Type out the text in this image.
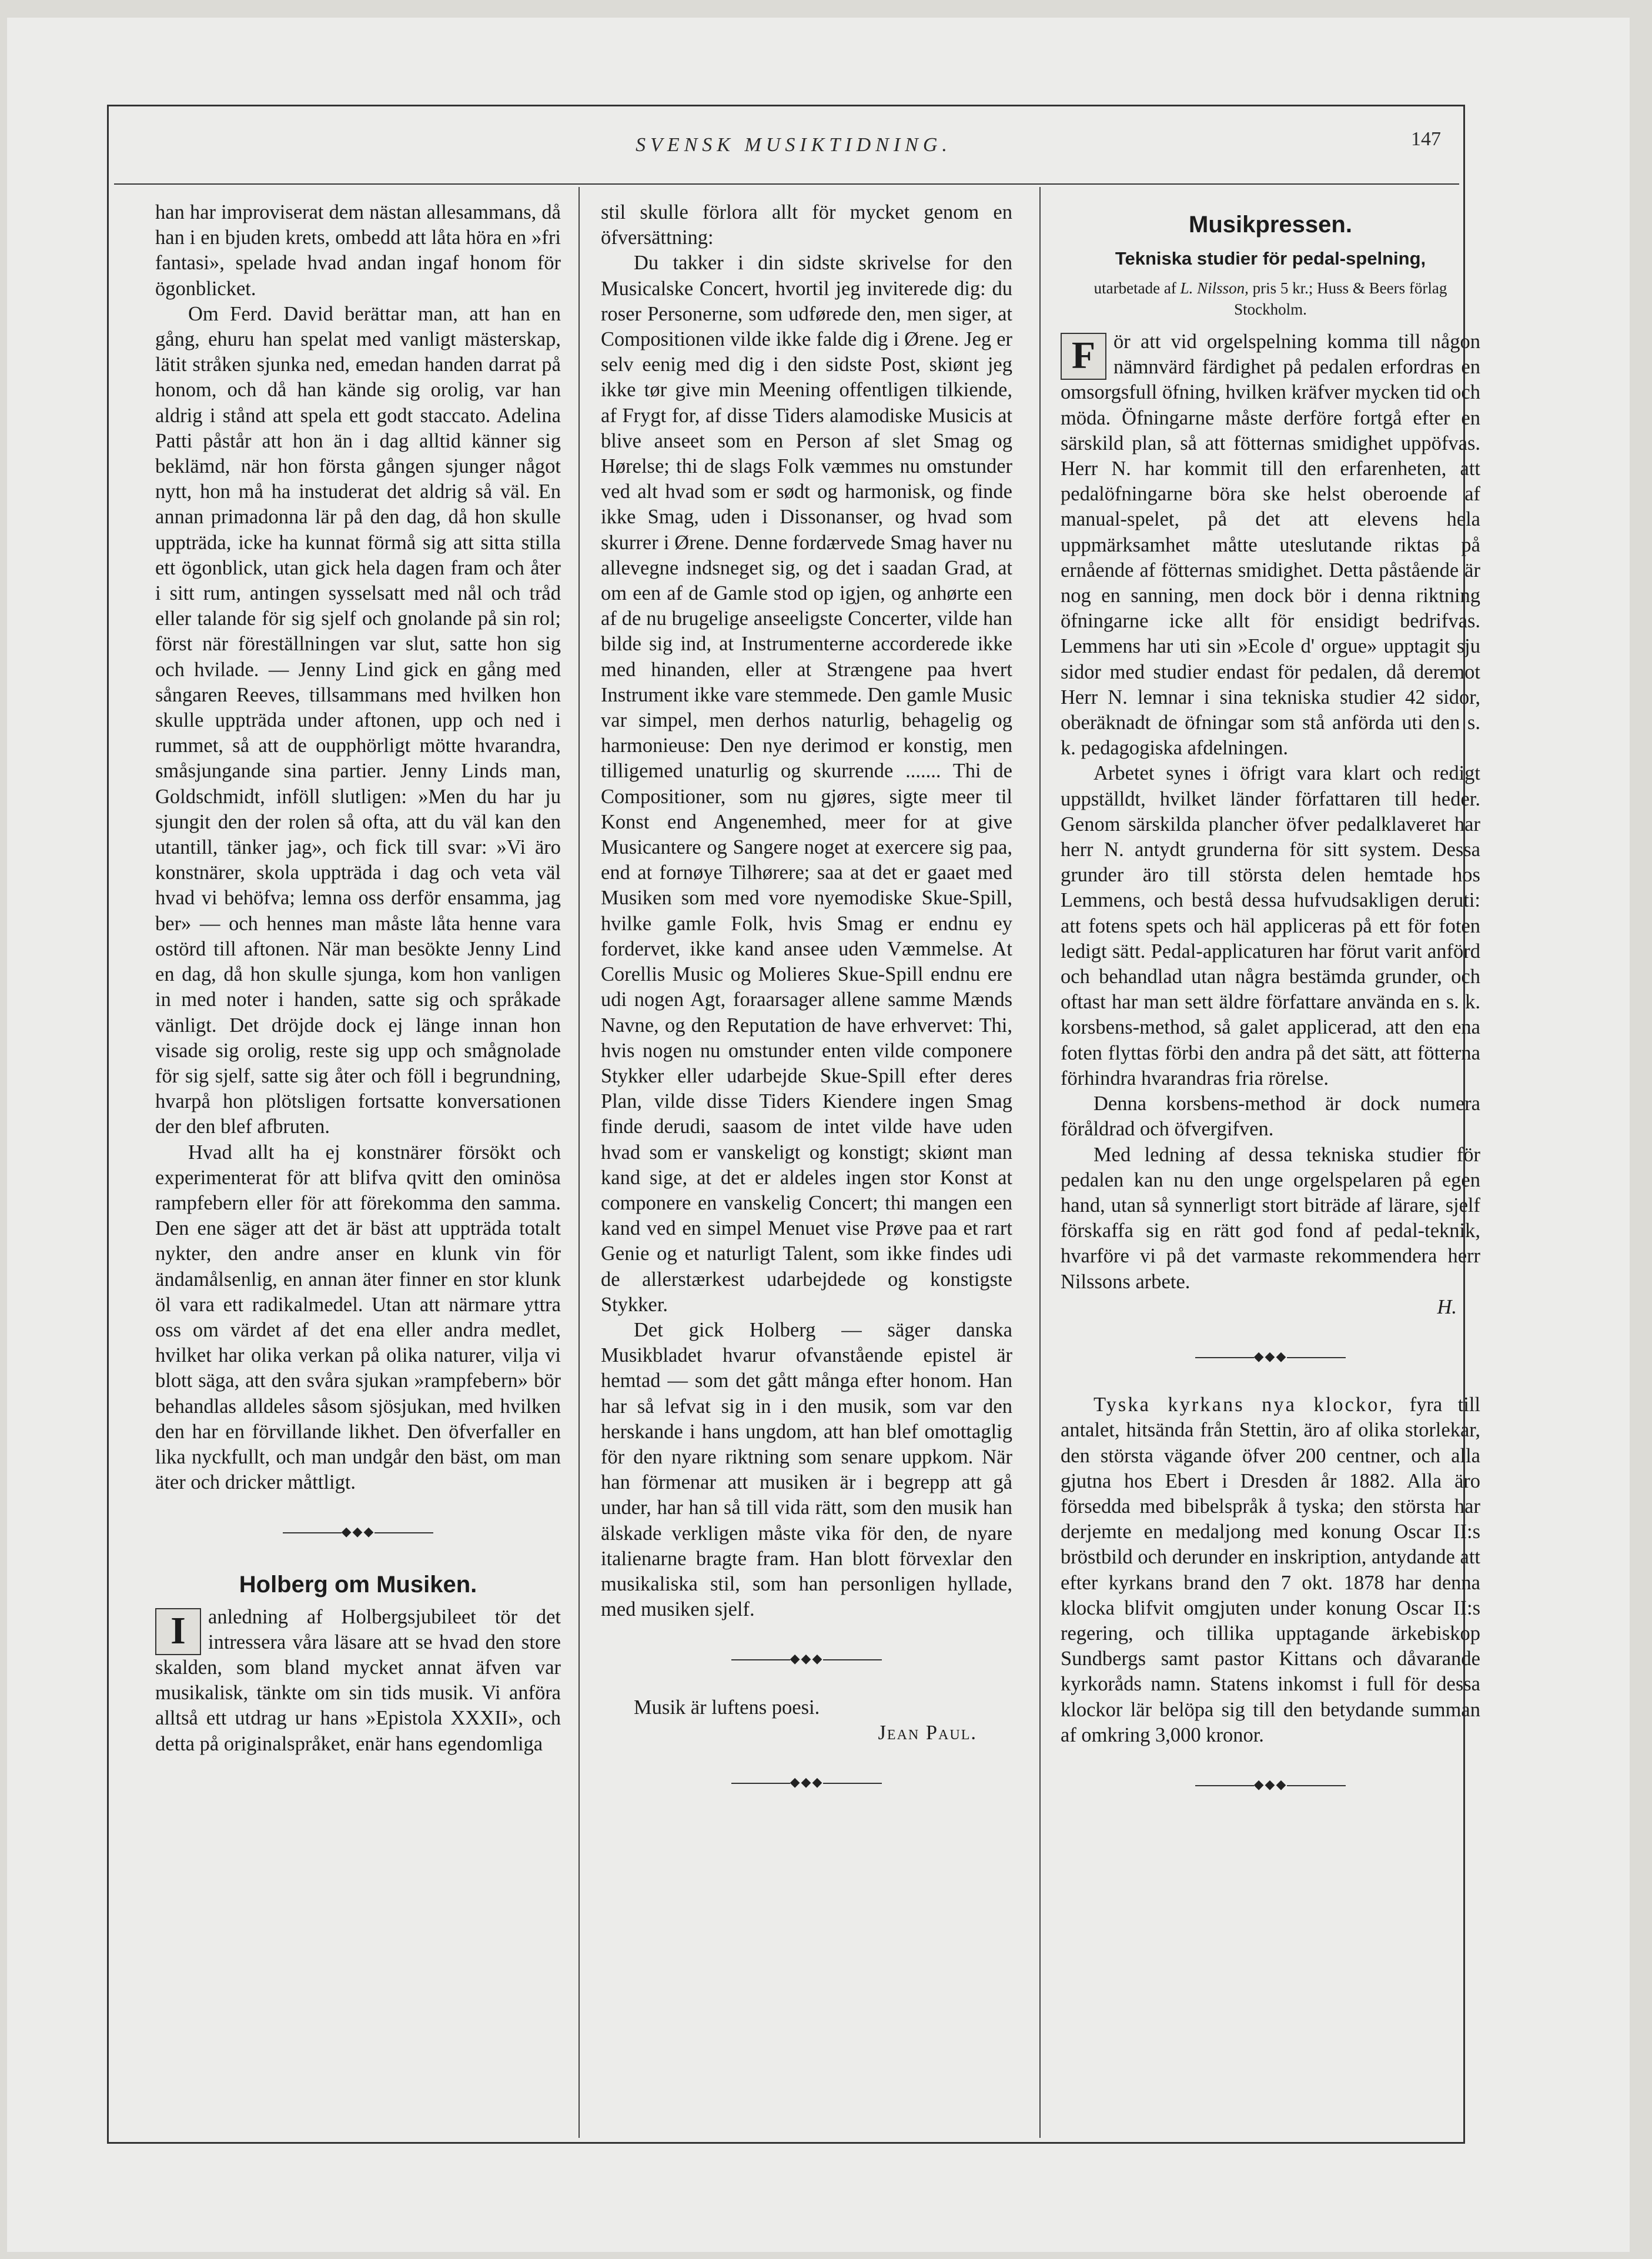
SVENSK MUSIKTIDNING.	147

han har improviserat dem nästan allesammans, då han i en bjuden krets, ombedd att låta höra en »fri fantasi», spelade hvad andan ingaf honom för ögonblicket.

Om Ferd. David berättar man, att han en gång, ehuru han spelat med vanligt mästerskap, lätit stråken sjunka ned, emedan handen darrat på honom, och då han kände sig orolig, var han aldrig i stånd att spela ett godt staccato. Adelina Patti påstår att hon än i dag alltid känner sig beklämd, när hon första gången sjunger något nytt, hon må ha instuderat det aldrig så väl. En annan primadonna lär på den dag, då hon skulle uppträda, icke ha kunnat förmå sig att sitta stilla ett ögonblick, utan gick hela dagen fram och åter i sitt rum, antingen sysselsatt med nål och tråd eller talande för sig sjelf och gnolande på sin rol; först när föreställningen var slut, satte hon sig och hvilade. — Jenny Lind gick en gång med sångaren Reeves, tillsammans med hvilken hon skulle uppträda under aftonen, upp och ned i rummet, så att de oupphörligt mötte hvarandra, småsjungande sina partier. Jenny Linds man, Goldschmidt, inföll slutligen: »Men du har ju sjungit den der rolen så ofta, att du väl kan den utantill, tänker jag», och fick till svar: »Vi äro konstnärer, skola uppträda i dag och veta väl hvad vi behöfva; lemna oss derför ensamma, jag ber» — och hennes man måste låta henne vara ostörd till aftonen. När man besökte Jenny Lind en dag, då hon skulle sjunga, kom hon vanligen in med noter i handen, satte sig och språkade vänligt. Det dröjde dock ej länge innan hon visade sig orolig, reste sig upp och smågnolade för sig sjelf, satte sig åter och föll i begrundning, hvarpå hon plötsligen fortsatte konversationen der den blef afbruten.

Hvad allt ha ej konstnärer försökt och experimenterat för att blifva qvitt den ominösa rampfebern eller för att förekomma den samma. Den ene säger att det är bäst att uppträda totalt nykter, den andre anser en klunk vin för ändamålsenlig, en annan äter finner en stor klunk öl vara ett radikalmedel. Utan att närmare yttra oss om värdet af det ena eller andra medlet, hvilket har olika verkan på olika naturer, vilja vi blott säga, att den svåra sjukan »rampfebern» bör behandlas alldeles såsom sjösjukan, med hvilken den har en förvillande likhet. Den öfverfaller en lika nyckfullt, och man undgår den bäst, om man äter och dricker måttligt.

◆◆◆
Holberg om Musiken.

I	anledning af Holbergsjubileet tör det intressera våra läsare att se hvad den store skalden, som bland mycket annat äfven var musikalisk, tänkte om sin tids musik. Vi anföra alltså ett utdrag ur hans »Epistola XXXII», och detta på originalspråket, enär hans egendomliga

stil skulle förlora allt för mycket genom en öfversättning:

Du takker i din sidste skrivelse for den Musicalske Concert, hvortil jeg inviterede dig: du roser Personerne, som udførede den, men siger, at Compositionen vilde ikke falde dig i Ørene. Jeg er selv eenig med dig i den sidste Post, skiønt jeg ikke tør give min Meening offentligen tilkiende, af Frygt for, af disse Tiders alamodiske Musicis at blive anseet som en Person af slet Smag og Hørelse; thi de slags Folk væmmes nu omstunder ved alt hvad som er sødt og harmonisk, og finde ikke Smag, uden i Dissonanser, og hvad som skurrer i Ørene. Denne fordærvede Smag haver nu allevegne indsneget sig, og det i saadan Grad, at om een af de Gamle stod op igjen, og anhørte een af de nu brugelige anseeligste Concerter, vilde han bilde sig ind, at Instrumenterne accorderede ikke med hinanden, eller at Strængene paa hvert Instrument ikke vare stemmede. Den gamle Music var simpel, men derhos naturlig, behagelig og harmonieuse: Den nye derimod er konstig, men tilligemed unaturlig og skurrende ....... Thi de Compositioner, som nu gjøres, sigte meer til Konst end Angenemhed, meer for at give Musicantere og Sangere noget at exercere sig paa, end at fornøye Tilhørere; saa at det er gaaet med Musiken som med vore nyemodiske Skue-Spill, hvilke gamle Folk, hvis Smag er endnu ey fordervet, ikke kand ansee uden Væmmelse. At Corellis Music og Molieres Skue-Spill endnu ere udi nogen Agt, foraarsager allene samme Mænds Navne, og den Reputation de have erhvervet: Thi, hvis nogen nu omstunder enten vilde componere Stykker eller udarbejde Skue-Spill efter deres Plan, vilde disse Tiders Kiendere ingen Smag finde derudi, saasom de intet vilde have uden hvad som er vanskeligt og konstigt; skiønt man kand sige, at det er aldeles ingen stor Konst at componere en vanskelig Concert; thi mangen een kand ved en simpel Menuet vise Prøve paa et rart Genie og et naturligt Talent, som ikke findes udi de allerstærkest udarbejdede og konstigste Stykker.

Det gick Holberg — säger danska Musikbladet hvarur ofvanstående epistel är hemtad — som det gått många efter honom. Han har så lefvat sig in i den musik, som var den herskande i hans ungdom, att han blef omottaglig för den nyare riktning som senare uppkom. När han förmenar att musiken är i begrepp att gå under, har han så till vida rätt, som den musik han älskade verkligen måste vika för den, de nyare italienarne bragte fram. Han blott förvexlar den musikaliska stil, som han personligen hyllade, med musiken sjelf.

◆◆◆

Musik är luftens poesi.

Jean Paul.
◆◆◆
Musikpressen.
Tekniska studier för pedal-spelning,
utarbetade af L. Nilsson, pris 5 kr.; Huss & Beers förlag Stockholm.

F ör att vid orgelspelning komma till någon nämnvärd färdighet på pedalen erfordras en omsorgsfull öfning, hvilken kräfver mycken tid och möda. Öfningarne måste derföre fortgå efter en särskild plan, så att fötternas smidighet uppöfvas. Herr N. har kommit till den erfarenheten, att pedalöfningarne böra ske helst oberoende af manual-spelet, på det att elevens hela uppmärksamhet måtte uteslutande riktas på ernående af fötternas smidighet. Detta påstående är nog en sanning, men dock bör i denna riktning öfningarne icke allt för ensidigt bedrifvas. Lemmens har uti sin »Ecole d' orgue» upptagit sju sidor med studier endast för pedalen, då deremot Herr N. lemnar i sina tekniska studier 42 sidor, oberäknadt de öfningar som stå anförda uti den s. k. pedagogiska afdelningen.

Arbetet synes i öfrigt vara klart och redigt uppställdt, hvilket länder författaren till heder. Genom särskilda plancher öfver pedalklaveret har herr N. antydt grunderna för sitt system. Dessa grunder äro till största delen hemtade hos Lemmens, och bestå dessa hufvudsakligen deruti: att fotens spets och häl appliceras på ett för foten ledigt sätt. Pedal-applicaturen har förut varit anförd och behandlad utan några bestämda grunder, och oftast har man sett äldre författare använda en s. k. korsbens-method, så galet applicerad, att den ena foten flyttas förbi den andra på det sätt, att fötterna förhindra hvarandras fria rörelse.

Denna korsbens-method är dock numera föråldrad och öfvergifven.

Med ledning af dessa tekniska studier för pedalen kan nu den unge orgelspelaren på egen hand, utan så synnerligt stort biträde af lärare, sjelf förskaffa sig en rätt god fond af pedal-teknik, hvarföre vi på det varmaste rekommendera herr Nilssons arbete.

H.
◆◆◆

Tyska kyrkans nya klockor, fyra till antalet, hitsända från Stettin, äro af olika storlekar, den största vägande öfver 200 centner, och alla gjutna hos Ebert i Dresden år 1882. Alla äro försedda med bibelspråk å tyska; den största har derjemte en medaljong med konung Oscar II:s bröstbild och derunder en inskription, antydande att efter kyrkans brand den 7 okt. 1878 har denna klocka blifvit omgjuten under konung Oscar II:s regering, och tillika upptagande ärkebiskop Sundbergs samt pastor Kittans och dåvarande kyrkoråds namn. Statens inkomst i full för dessa klockor lär belöpa sig till den betydande summan af omkring 3,000 kronor.

◆◆◆
